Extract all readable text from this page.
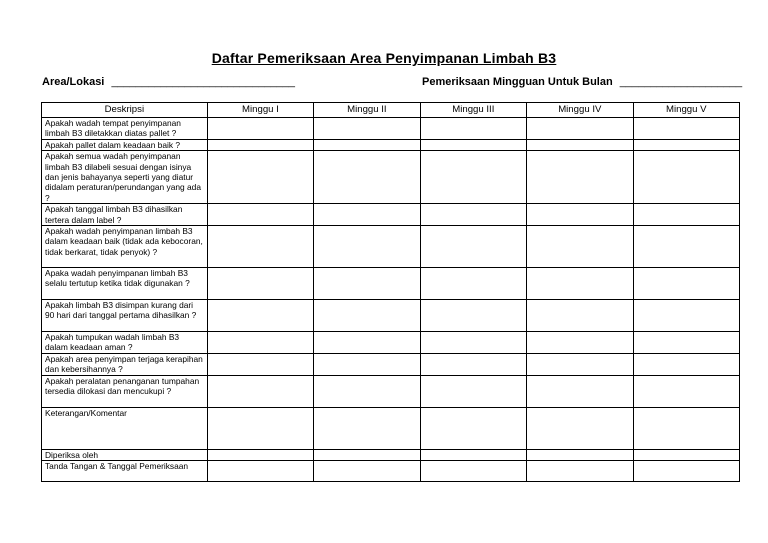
Daftar Pemeriksaan Area Penyimpanan Limbah B3
Area/Lokasi ______________________________	Pemeriksaan Mingguan Untuk Bulan ____________________
Deskripsi	Minggu I	Minggu II	Minggu III	Minggu IV	Minggu V
Apakah wadah tempat penyimpanan limbah B3 diletakkan diatas pallet ?					
Apakah pallet dalam keadaan baik ?					
Apakah semua wadah penyimpanan limbah B3 dilabeli sesuai dengan isinya dan jenis bahayanya seperti yang diatur didalam peraturan/perundangan yang ada ?					
Apakah tanggal limbah B3 dihasilkan tertera dalam label ?					
Apakah wadah penyimpanan limbah B3 dalam keadaan baik (tidak ada kebocoran, tidak berkarat, tidak penyok) ?					
Apaka wadah penyimpanan limbah B3 selalu tertutup ketika tidak digunakan ?					
Apakah limbah B3 disimpan kurang dari 90 hari dari tanggal pertama dihasilkan ?					
Apakah tumpukan wadah limbah B3 dalam keadaan aman ?					
Apakah area penyimpan terjaga kerapihan dan kebersihannya ?					
Apakah peralatan penanganan tumpahan tersedia dilokasi dan mencukupi ?					
Keterangan/Komentar					
Diperiksa oleh					
Tanda Tangan & Tanggal Pemeriksaan					
